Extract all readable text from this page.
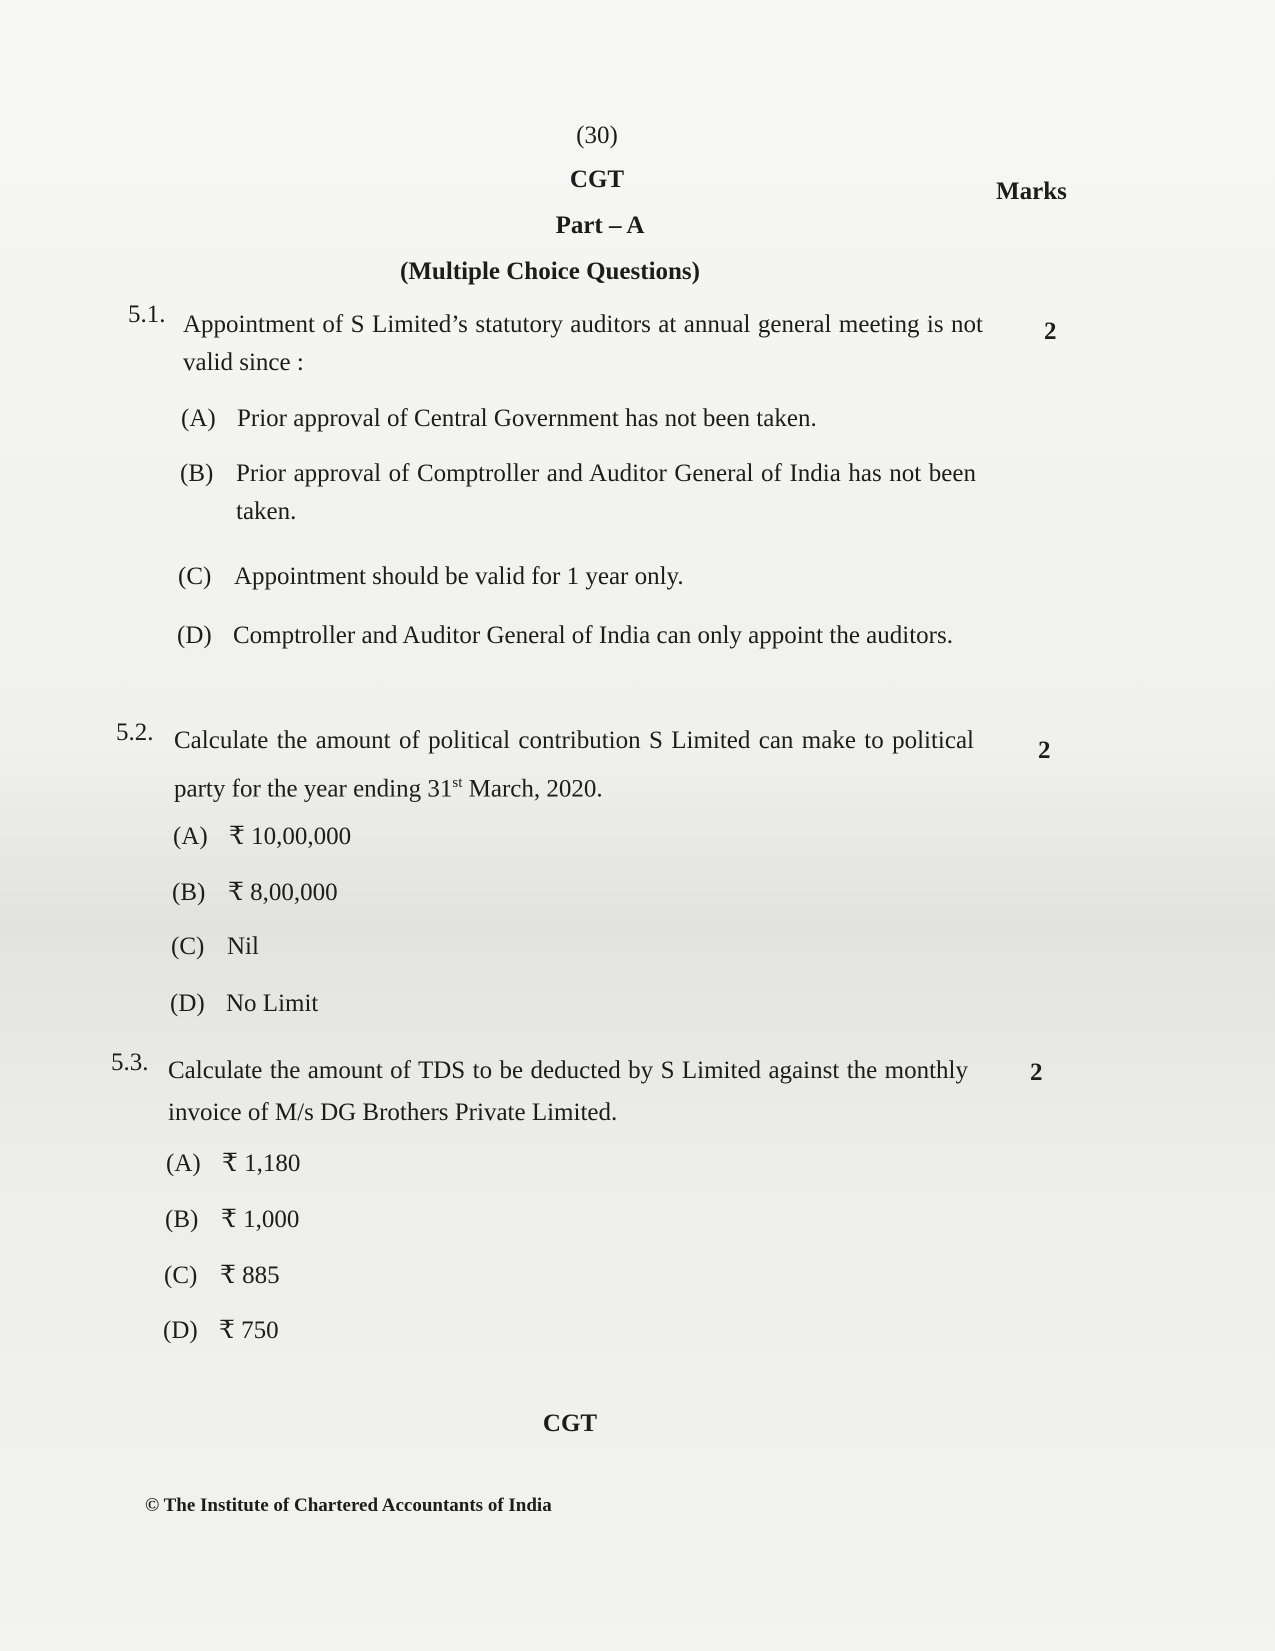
(30)
CGT	Marks
Part – A
(Multiple Choice Questions)
5.1. Appointment of S Limited’s statutory auditors at annual general meeting is not valid since :
2
(A) Prior approval of Central Government has not been taken.
(B) Prior approval of Comptroller and Auditor General of India has not been taken.
(C) Appointment should be valid for 1 year only.
(D) Comptroller and Auditor General of India can only appoint the auditors.
5.2. Calculate the amount of political contribution S Limited can make to political party for the year ending 31st March, 2020.
2
(A) ₹ 10,00,000
(B) ₹ 8,00,000
(C) Nil
(D) No Limit
5.3. Calculate the amount of TDS to be deducted by S Limited against the monthly invoice of M/s DG Brothers Private Limited.
2
(A) ₹ 1,180
(B) ₹ 1,000
(C) ₹ 885
(D) ₹ 750
CGT
© The Institute of Chartered Accountants of India
